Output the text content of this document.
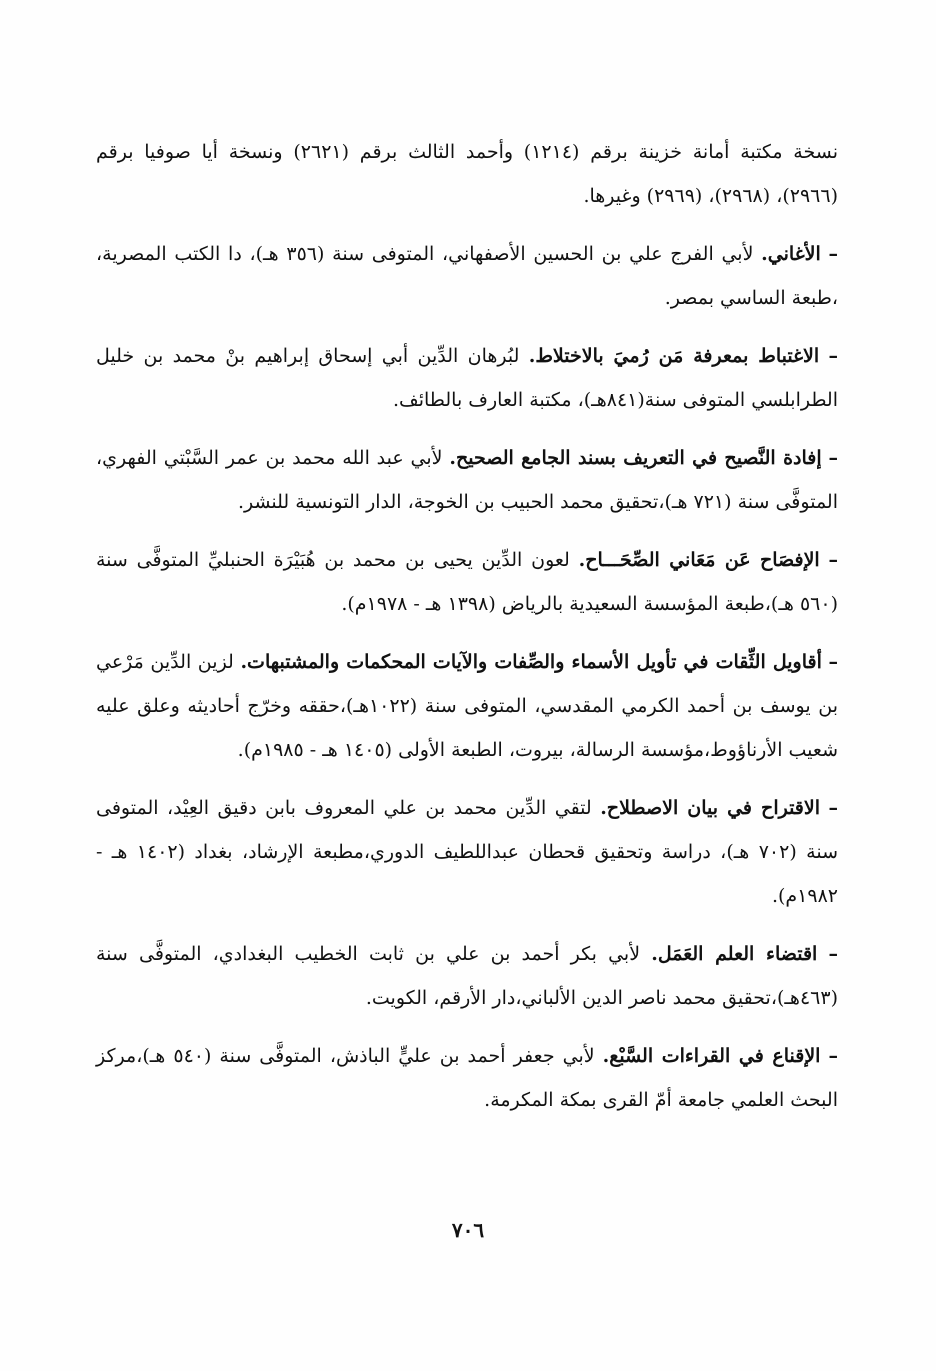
نسخة مكتبة أمانة خزينة برقم (١٢١٤) وأحمد الثالث برقم (٢٦٢١) ونسخة أيا صوفيا برقم (٢٩٦٦)، (٢٩٦٨)، (٢٩٦٩) وغيرها.

– الأغاني. لأبي الفرج علي بن الحسين الأصفهاني، المتوفى سنة (٣٥٦ هـ)، دا الكتب المصرية، ،طبعة الساسي بمصر.

– الاغتباط بمعرفة مَن رُميَ بالاختلاط. لبُرهان الدِّين أبي إسحاق إبراهيم بنْ محمد بن خليل الطرابلسي المتوفى سنة(٨٤١هـ)، مكتبة العارف بالطائف.

– إفادة النَّصيح في التعريف بسند الجامع الصحيح. لأبي عبد الله محمد بن عمر السَّبْتي الفهري، المتوفَّى سنة (٧٢١ هـ)،تحقيق محمد الحبيب بن الخوجة، الدار التونسية للنشر.

– الإفصَاح عَن مَعَاني الصِّحَـــاح. لعون الدِّين يحيى بن محمد بن هُبَيْرَة الحنبليِّ المتوفَّى سنة (٥٦٠ هـ)،طبعة المؤسسة السعيدية بالرياض (١٣٩٨ هـ - ١٩٧٨م).

– أقاويل الثِّقات في تأويل الأسماء والصِّفات والآيات المحكمات والمشتبهات. لزين الدِّين مَرْعي بن يوسف بن أحمد الكرمي المقدسي، المتوفى سنة (١٠٢٢هـ)،حققه وخرّج أحاديثه وعلق عليه شعيب الأرناؤوط،مؤسسة الرسالة، بيروت، الطبعة الأولى (١٤٠٥ هـ - ١٩٨٥م).

– الاقتراح في بيان الاصطلاح. لتقي الدِّين محمد بن علي المعروف بابن دقيق العِيْد، المتوفى سنة (٧٠٢ هـ)، دراسة وتحقيق قحطان عبداللطيف الدوري،مطبعة الإرشاد، بغداد (١٤٠٢ هـ - ١٩٨٢م).

– اقتضاء العلم العَمَل. لأبي بكر أحمد بن علي بن ثابت الخطيب البغدادي، المتوفَّى سنة (٤٦٣هـ)،تحقيق محمد ناصر الدين الألباني،دار الأرقم، الكويت.

– الإقناع في القراءات السَّبْع. لأبي جعفر أحمد بن عليٍّ الباذش، المتوفَّى سنة (٥٤٠ هـ)،مركز البحث العلمي جامعة أمّ القرى بمكة المكرمة.

٧٠٦
